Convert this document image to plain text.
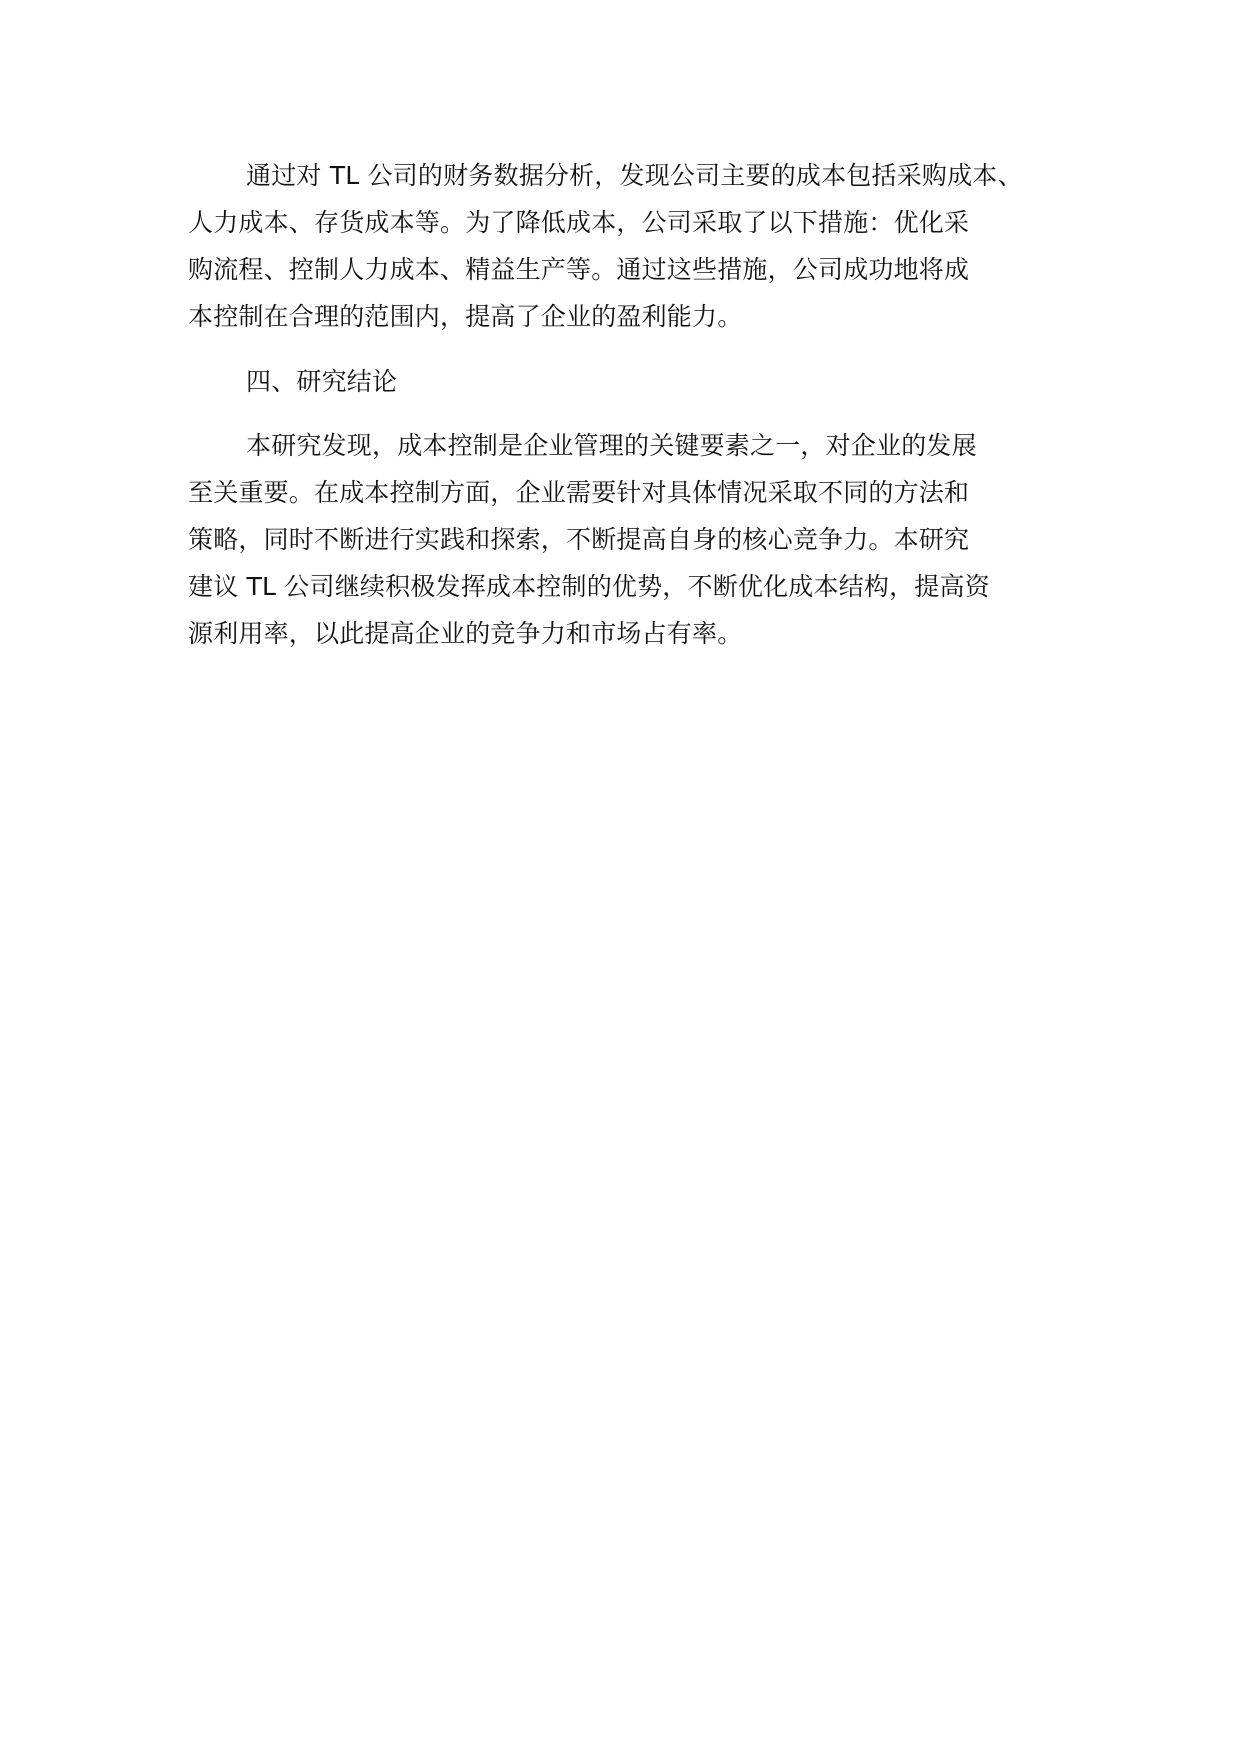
通过对 TL 公司的财务数据分析，发现公司主要的成本包括采购成本、
人力成本、存货成本等。为了降低成本，公司采取了以下措施：优化采
购流程、控制人力成本、精益生产等。通过这些措施，公司成功地将成
本控制在合理的范围内，提高了企业的盈利能力。
四、研究结论
本研究发现，成本控制是企业管理的关键要素之一，对企业的发展
至关重要。在成本控制方面，企业需要针对具体情况采取不同的方法和
策略，同时不断进行实践和探索，不断提高自身的核心竞争力。本研究
建议 TL 公司继续积极发挥成本控制的优势，不断优化成本结构，提高资
源利用率，以此提高企业的竞争力和市场占有率。
